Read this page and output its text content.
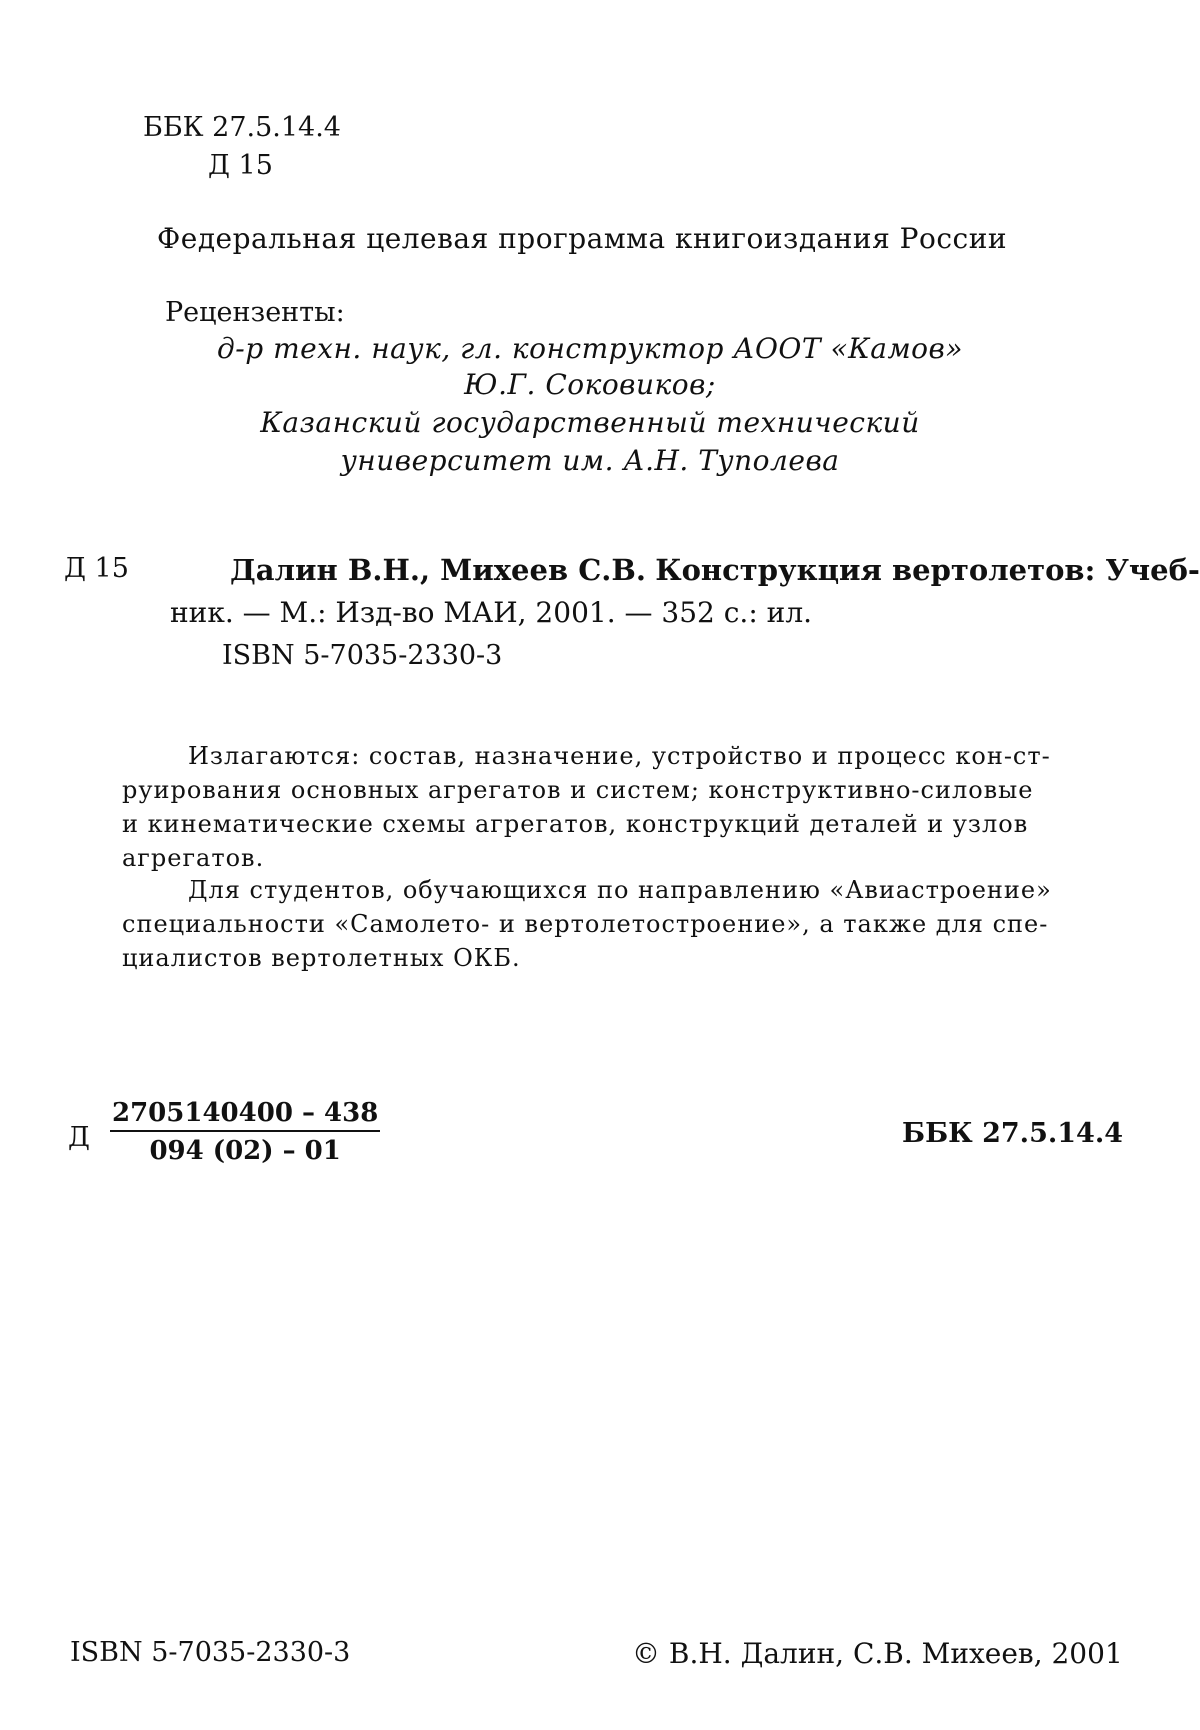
ББК 27.5.14.4
Д 15
Федеральная целевая программа книгоиздания России
Рецензенты:
д-р техн. наук, гл. конструктор АООТ «Камов»
Ю.Г. Соковиков;
Казанский государственный технический
университет им. А.Н. Туполева
Д 15	Далин В.Н., Михеев С.В. Конструкция вертолетов: Учеб-
ник. — М.: Изд-во МАИ, 2001. — 352 с.: ил.
ISBN 5-7035-2330-3
Излагаются: состав, назначение, устройство и процесс кон-ст-
руирования основных агрегатов и систем; конструктивно-силовые
и кинематические схемы агрегатов, конструкций деталей и узлов
агрегатов.
Для студентов, обучающихся по направлению «Авиастроение»
специальности «Самолето- и вертолетостроение», а также для спе-
циалистов вертолетных ОКБ.
Д $\frac{2705140400 - 438}{094 (02) - 01}$	ББК 27.5.14.4
ISBN 5-7035-2330-3	© В.Н. Далин, С.В. Михеев, 2001
